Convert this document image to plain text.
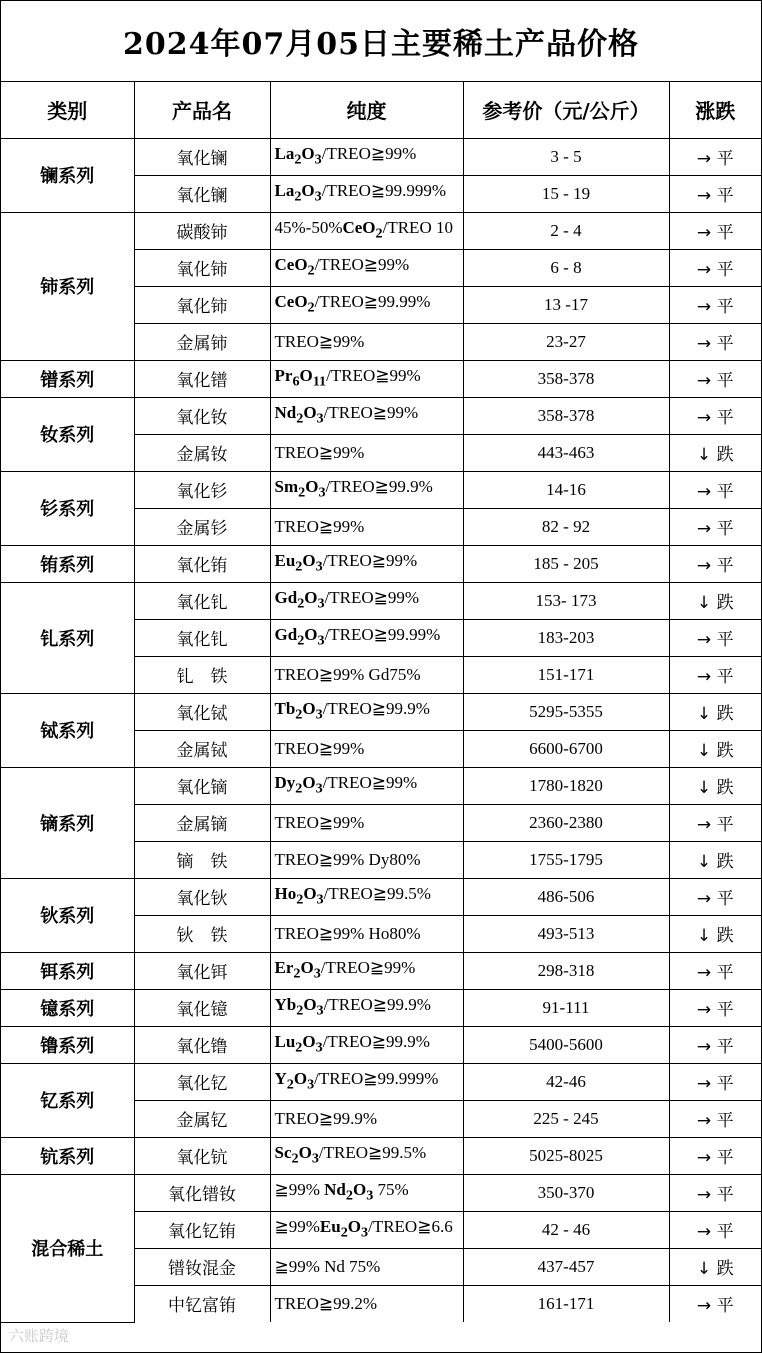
2024年07月05日主要稀土产品价格
类别	产品名	纯度	参考价（元/公斤）	涨跌
镧系列	氧化镧	$La_2O_3/TREO≧99\%$	3 - 5	→ 平
	氧化镧	$La_2O_3/TREO≧99.999\%$	15 - 19	→ 平
铈系列	碳酸铈	45%-50%CeO$_2$/TREO 10	2 - 4	→ 平
	氧化铈	CeO$_2$/TREO≧99%	6 - 8	→ 平
	氧化铈	CeO$_2$/TREO≧99.99%	13 -17	→ 平
	金属铈	TREO≧99%	23-27	→ 平
镨系列	氧化镨	$Pr_6O_{11}/TREO≧99\%$	358-378	→ 平
钕系列	氧化钕	$Nd_2O_3/TREO≧99\%$	358-378	→ 平
	金属钕	TREO≧99%	443-463	↓ 跌
钐系列	氧化钐	$Sm_2O_3/TREO≧99.9\%$	14-16	→ 平
	金属钐	TREO≧99%	82 - 92	→ 平
铕系列	氧化铕	$Eu_2O_3/TREO≧99\%$	185 - 205	→ 平
钆系列	氧化钆	$Gd_2O_3/TREO≧99\%$	153- 173	↓ 跌
	氧化钆	$Gd_2O_3/TREO≧99.99\%$	183-203	→ 平
	钆　铁	TREO≧99% Gd75%	151-171	→ 平
铽系列	氧化铽	$Tb_2O_3/TREO≧99.9\%$	5295-5355	↓ 跌
	金属铽	TREO≧99%	6600-6700	↓ 跌
镝系列	氧化镝	$Dy_2O_3/TREO≧99\%$	1780-1820	↓ 跌
	金属镝	TREO≧99%	2360-2380	→ 平
	镝　铁	TREO≧99% Dy80%	1755-1795	↓ 跌
钬系列	氧化钬	$Ho_2O_3/TREO≧99.5\%$	486-506	→ 平
	钬　铁	TREO≧99% Ho80%	493-513	↓ 跌
铒系列	氧化铒	$Er_2O_3/TREO≧99\%$	298-318	→ 平
镱系列	氧化镱	$Yb_2O_3/TREO≧99.9\%$	91-111	→ 平
镥系列	氧化镥	$Lu_2O_3/TREO≧99.9\%$	5400-5600	→ 平
钇系列	氧化钇	$Y_2O_3/TREO≧99.999\%$	42-46	→ 平
	金属钇	TREO≧99.9%	225 - 245	→ 平
钪系列	氧化钪	$Sc_2O_3/TREO≧99.5\%$	5025-8025	→ 平
混合稀土	氧化镨钕	≧99% $Nd_2O_3$ 75%	350-370	→ 平
	氧化钇铕	$≧99\%Eu_2O_3/TREO≧6.6$	42 - 46	→ 平
	镨钕混金	≧99% Nd 75%	437-457	↓ 跌
	中钇富铕	TREO≧99.2%	161-171	→ 平
六账跨境
